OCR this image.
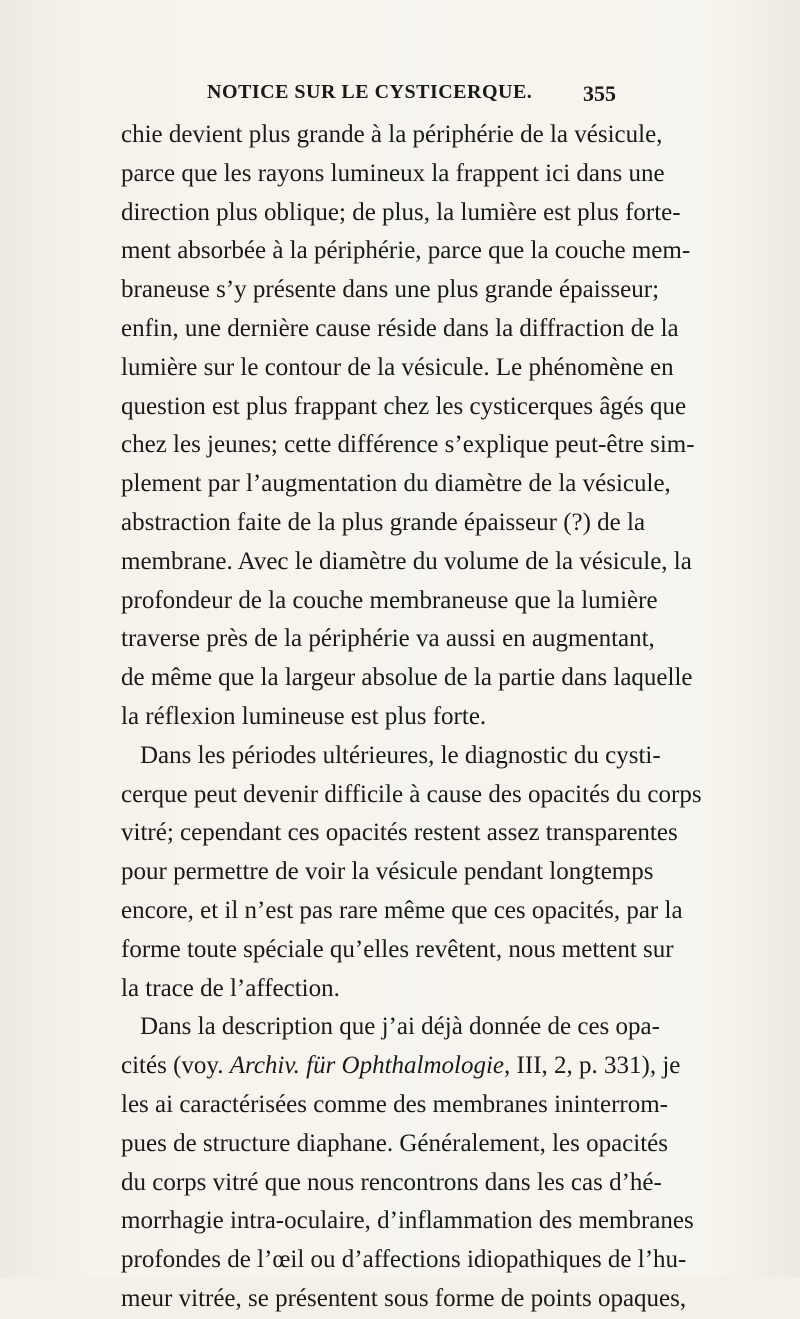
NOTICE SUR LE CYSTICERQUE. 355
chie devient plus grande à la périphérie de la vésicule,
parce que les rayons lumineux la frappent ici dans une
direction plus oblique; de plus, la lumière est plus forte-
ment absorbée à la périphérie, parce que la couche mem-
braneuse s’y présente dans une plus grande épaisseur;
enfin, une dernière cause réside dans la diffraction de la
lumière sur le contour de la vésicule. Le phénomène en
question est plus frappant chez les cysticerques âgés que
chez les jeunes; cette différence s’explique peut-être sim-
plement par l’augmentation du diamètre de la vésicule,
abstraction faite de la plus grande épaisseur (?) de la
membrane. Avec le diamètre du volume de la vésicule, la
profondeur de la couche membraneuse que la lumière
traverse près de la périphérie va aussi en augmentant,
de même que la largeur absolue de la partie dans laquelle
la réflexion lumineuse est plus forte.
Dans les périodes ultérieures, le diagnostic du cysti-
cerque peut devenir difficile à cause des opacités du corps
vitré; cependant ces opacités restent assez transparentes
pour permettre de voir la vésicule pendant longtemps
encore, et il n’est pas rare même que ces opacités, par la
forme toute spéciale qu’elles revêtent, nous mettent sur
la trace de l’affection.
Dans la description que j’ai déjà donnée de ces opa-
cités (voy. Archiv. für Ophthalmologie, III, 2, p. 331), je
les ai caractérisées comme des membranes ininterrom-
pues de structure diaphane. Généralement, les opacités
du corps vitré que nous rencontrons dans les cas d’hé-
morrhagie intra-oculaire, d’inflammation des membranes
profondes de l’œil ou d’affections idiopathiques de l’hu-
meur vitrée, se présentent sous forme de points opaques,
